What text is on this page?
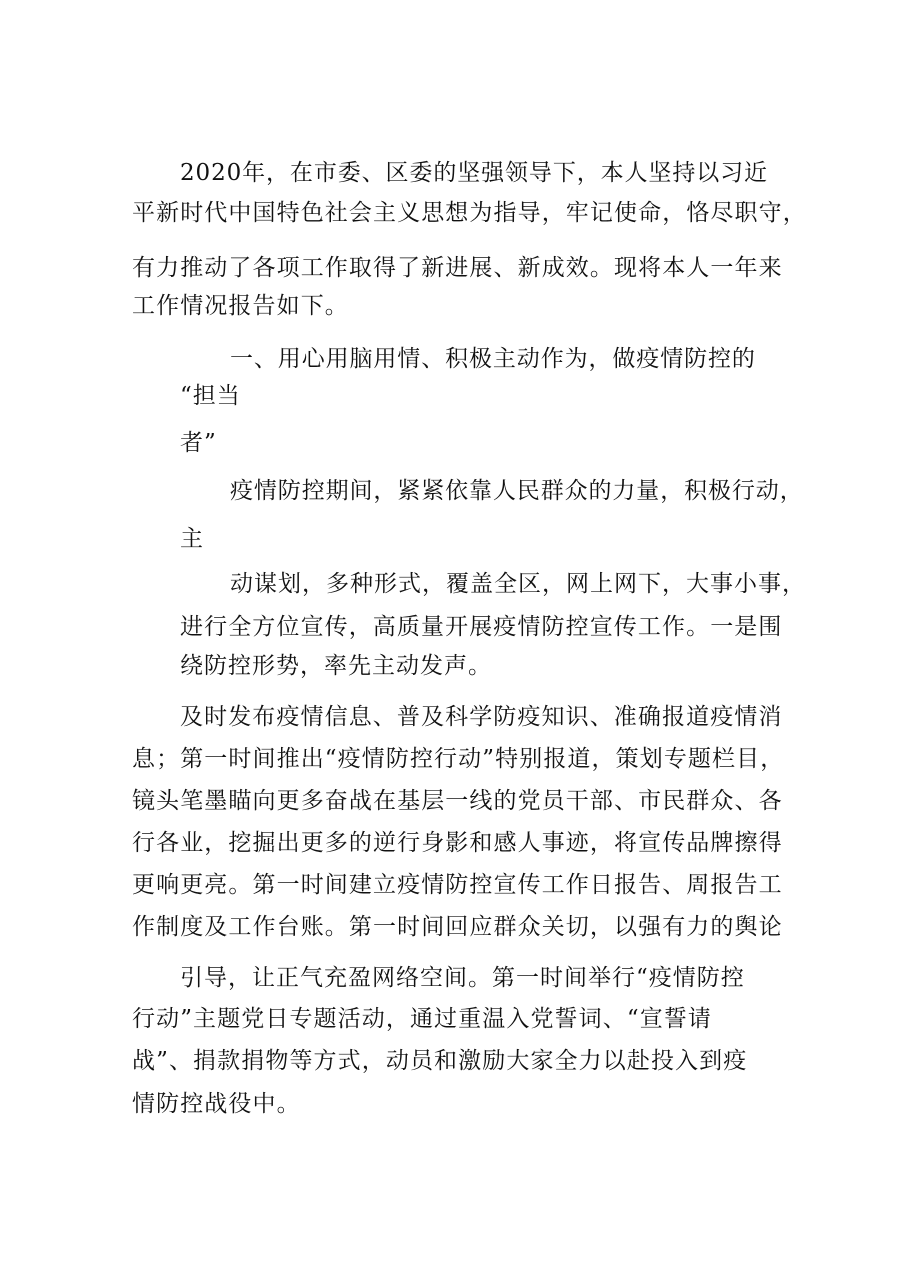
2020年，在市委、区委的坚强领导下，本人坚持以习近
平新时代中国特色社会主义思想为指导，牢记使命，恪尽职守，
有力推动了各项工作取得了新进展、新成效。现将本人一年来
工作情况报告如下。
一、用心用脑用情、积极主动作为，做疫情防控的
“担当
者”
疫情防控期间，紧紧依靠人民群众的力量，积极行动，
主
动谋划，多种形式，覆盖全区，网上网下，大事小事，
进行全方位宣传，高质量开展疫情防控宣传工作。一是围
绕防控形势，率先主动发声。
及时发布疫情信息、普及科学防疫知识、准确报道疫情消
息；第一时间推出“疫情防控行动”特别报道，策划专题栏目，
镜头笔墨瞄向更多奋战在基层一线的党员干部、市民群众、各
行各业，挖掘出更多的逆行身影和感人事迹，将宣传品牌擦得
更响更亮。第一时间建立疫情防控宣传工作日报告、周报告工
作制度及工作台账。第一时间回应群众关切，以强有力的舆论
引导，让正气充盈网络空间。第一时间举行“疫情防控
行动”主题党日专题活动，通过重温入党誓词、“宣誓请
战”、捐款捐物等方式，动员和激励大家全力以赴投入到疫
情防控战役中。
